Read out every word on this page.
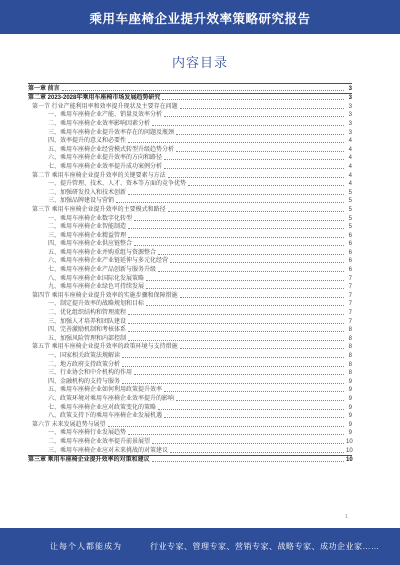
乘用车座椅企业提升效率策略研究报告
内容目录
第一章 前言	3
第二章 2023-2028年乘用车座椅市场发展趋势研究	3
第一节 行业产能利用率和效率提升现状及主要存在问题	3
一、乘用车座椅企业产能、销量及效率分析	3
二、乘用车座椅企业效率影响因素分析	3
三、乘用车座椅企业提升效率存在的问题及瓶颈	3
四、效率提升的意义和必要性	4
五、乘用车座椅企业经营模式转型升级趋势分析	4
六、乘用车座椅企业提升效率的方向和路径	4
七、乘用车座椅企业效率提升成功案例分析	4
第二节 乘用车座椅企业提升效率的关键要素与方法	4
一、提升管理、技术、人才、资本等方面的竞争优势	4
二、加强研发投入和技术创新	5
三、加强品牌建设与营销	5
第三节 乘用车座椅企业提升效率的主要模式和路径	5
一、乘用车座椅企业数字化转型	5
二、乘用车座椅企业智能制造	5
三、乘用车座椅企业精益管理	6
四、乘用车座椅企业供应链整合	6
五、乘用车座椅企业并购重组与资源整合	6
六、乘用车座椅企业产业链延伸与多元化经营	6
七、乘用车座椅企业产品创新与服务升级	6
八、乘用车座椅企业国际化发展策略	7
九、乘用车座椅企业绿色可持续发展	7
第四节 乘用车座椅企业提升效率的实施步骤和保障措施	7
一、制定提升效率的战略规划和目标	7
二、优化组织结构和管理流程	7
三、加强人才培养和团队建设	7
四、完善激励机制和考核体系	8
五、加强风险管理和内部控制	8
第五节 乘用车座椅企业提升效率的政策环境与支持措施	8
一、国家相关政策法规解读	8
二、地方政府支持政策分析	8
三、行业协会和中介机构的作用	8
四、金融机构的支持与服务	9
五、乘用车座椅企业如何利用政策提升效率	9
六、政策环境对乘用车座椅企业效率提升的影响	9
七、乘用车座椅企业应对政策变化的策略	9
八、政策支持下的乘用车座椅企业发展机遇	9
第六节 未来发展趋势与展望	9
一、乘用车座椅行业发展趋势	9
二、乘用车座椅企业效率提升前景展望	10
三、乘用车座椅企业应对未来挑战的对策建议	10
第三章 乘用车座椅企业提升效率的对策和建议	10
1
让每个人都能成为	行业专家、管理专家、营销专家、战略专家、成功企业家……
